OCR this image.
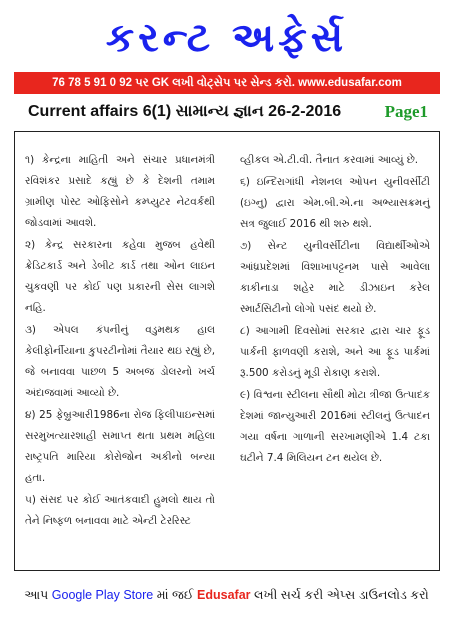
કરન્ટ અફેર્સ
76 78 5 91 0 92 પર GK લખી વોટ્સેપ પર સેન્ડ કરો. www.edusafar.com
Current affairs 6(1) સામાન્ય જ્ઞાન 26-2-2016	Page1

૧) કેન્દ્રના માહિતી અને સંચાર પ્રધાનમંત્રી રવિશંકર પ્રસાદે કહ્યું છે કે દેશની તમામ ગ્રામીણ પોસ્ટ ઓફિસોને કમ્પ્યુટર નેટવર્કથી જોડવામાં આવશે.

૨) કેન્દ્ર સરકારના કહેવા મુજબ હવેથી ક્રેડિટકાર્ડ અને ડેબીટ કાર્ડ તથા ઓન લાઇન ચુકવણી પર કોઈ પણ પ્રકારની સેસ લાગશે નહિ.

૩) એપલ કંપનીનું વડુમથક હાલ કેલીફોર્નીયાના કુપરટીનોમાં તૈયાર થઇ રહ્યું છે, જે બનાવવા પાછળ 5 અબજ ડોલરનો ખર્ચ અંદાજવામાં આવ્યો છે.

૪) 25 ફેબ્રુઆરી1986ના રોજ ફિલીપાઇન્સમાં સરમુખત્યારશાહી સમાપ્ત થતા પ્રથમ મહિલા રાષ્ટ્રપતિ મારિયા કોરોજોન અકીનો બન્યા હતા.

૫) સંસદ પર કોઈ આતંકવાદી હુમલો થાય તો તેને નિષ્ફળ બનાવવા માટે એન્ટી ટેરરિસ્ટ

વ્હીકલ એ.ટી.વી. તૈનાત કરવામાં આવ્યું છે.

૬) ઇન્દિરાગાંધી નેશનલ ઓપન યુનીવર્સીટી (ઇગ્નુ) દ્વારા એમ.બી.એ.ના અભ્યાસક્રમનું સત્ર જુલાઈ 2016 થી શરુ થશે.

૭) સેન્ટ યુનીવર્સીટીના વિદ્યાર્થીઓએ આંધ્રપ્રદેશમાં વિશાખાપટ્ટનમ પાસે આવેલા કાકીનાડા શહેર માટે ડીઝાઇન કરેલ સ્માર્ટસિટીનો લોગો પસંદ થયો છે.

૮) આગામી દિવસોમાં સરકાર દ્વારા ચાર ફૂડ પાર્કની ફાળવણી કરાશે, અને આ ફૂડ પાર્કમાં રૂ.500 કરોડનું મૂડી રોકાણ કરાશે.

૯) વિશ્વના સ્ટીલના સૌથી મોટા ત્રીજા ઉત્પાદક દેશમાં જાન્યુઆરી 2016માં સ્ટીલનું ઉત્પાદન ગયા વર્ષના ગાળાની સરખામણીએ 1.4 ટકા ઘટીને 7.4 મિલિયન ટન થયેલ છે.

આપ Google Play Store માં જઈ Edusafar લખી સર્ચ કરી એપ્સ ડાઉનલોડ કરો
